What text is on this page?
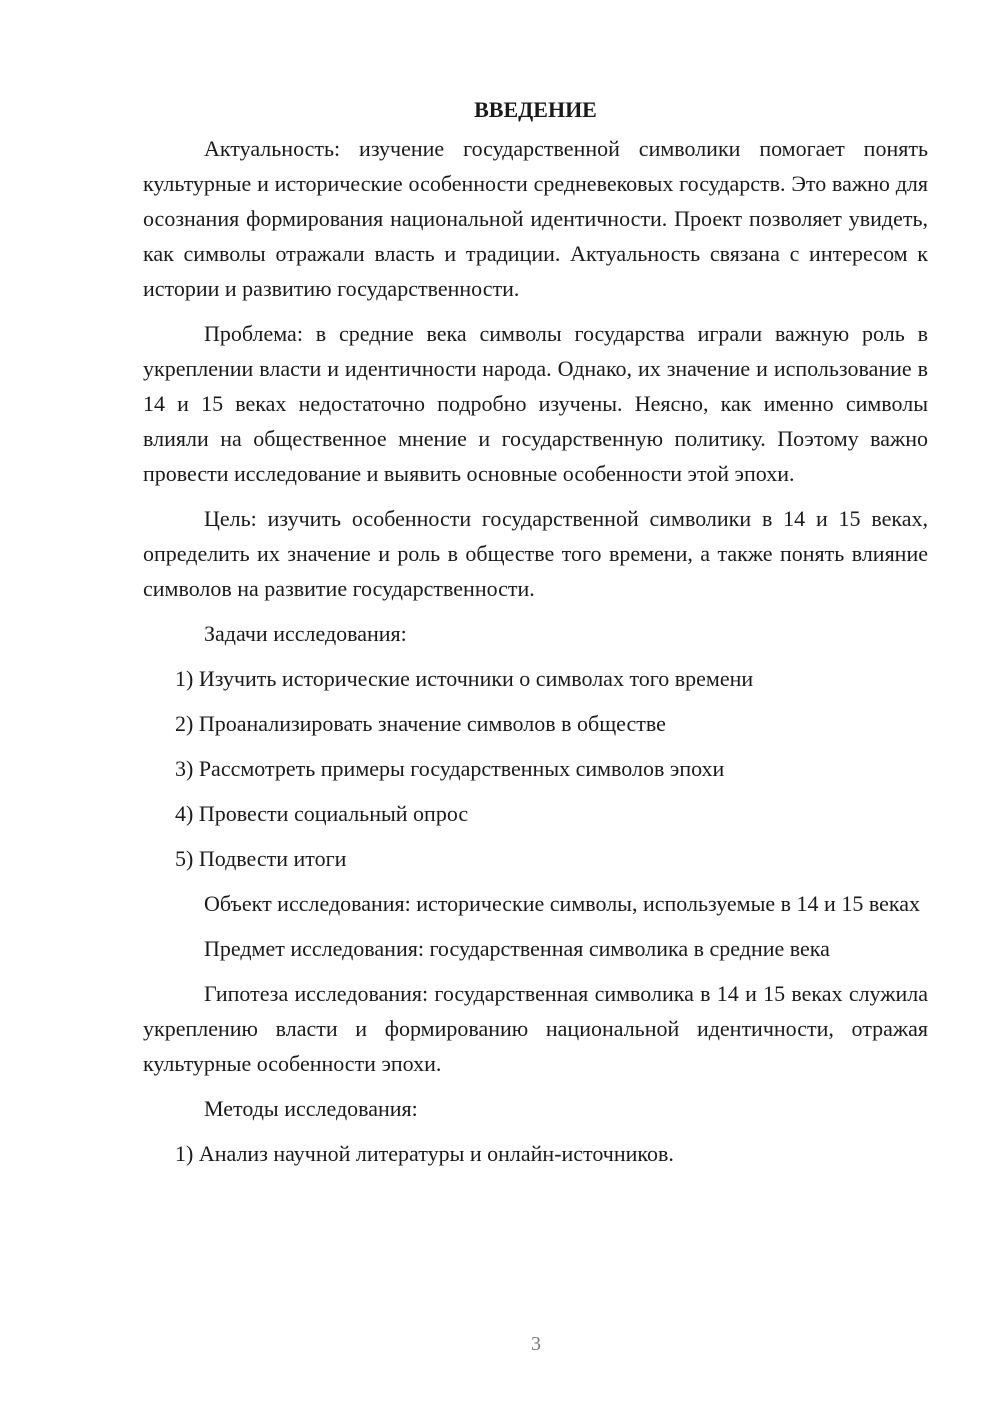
ВВЕДЕНИЕ

Актуальность: изучение государственной символики помогает понять культурные и исторические особенности средневековых государств. Это важно для осознания формирования национальной идентичности. Проект позволяет увидеть, как символы отражали власть и традиции. Актуальность связана с интересом к истории и развитию государственности.

Проблема: в средние века символы государства играли важную роль в укреплении власти и идентичности народа. Однако, их значение и использование в 14 и 15 веках недостаточно подробно изучены. Неясно, как именно символы влияли на общественное мнение и государственную политику. Поэтому важно провести исследование и выявить основные особенности этой эпохи.

Цель: изучить особенности государственной символики в 14 и 15 веках, определить их значение и роль в обществе того времени, а также понять влияние символов на развитие государственности.

Задачи исследования:

1) Изучить исторические источники о символах того времени
2) Проанализировать значение символов в обществе
3) Рассмотреть примеры государственных символов эпохи
4) Провести социальный опрос
5) Подвести итоги

Объект исследования: исторические символы, используемые в 14 и 15 веках

Предмет исследования: государственная символика в средние века

Гипотеза исследования: государственная символика в 14 и 15 веках служила укреплению власти и формированию национальной идентичности, отражая культурные особенности эпохи.

Методы исследования:

1) Анализ научной литературы и онлайн-источников.
3
